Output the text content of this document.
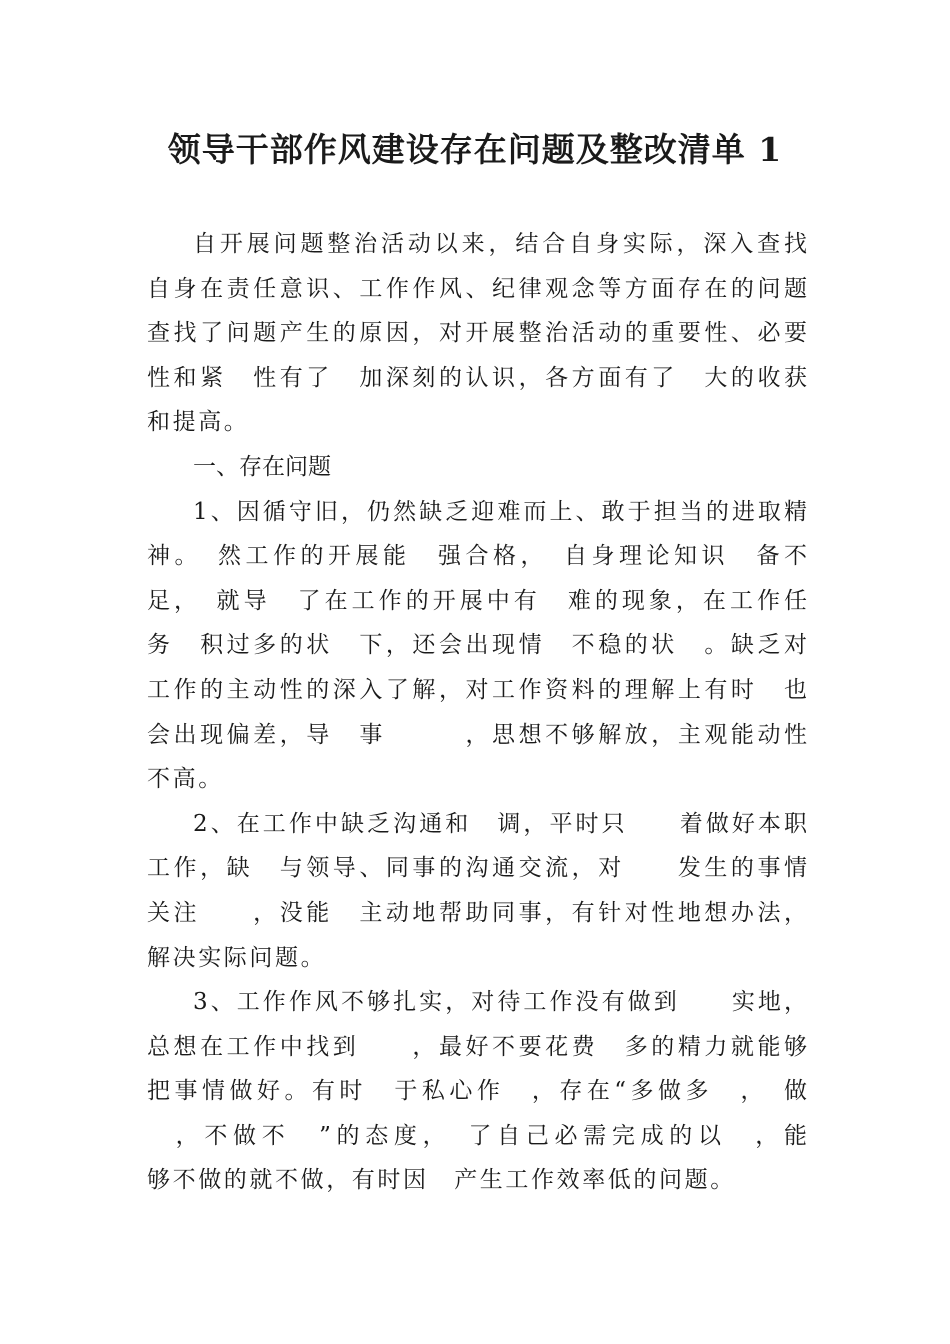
领导干部作风建设存在问题及整改清单 1
自开展问题整治活动以来，结合自身实际，深入查找
自身在责任意识、工作作风、纪律观念等方面存在的问题
查找了问题产生的原因，对开展整治活动的重要性、必要
性和紧　性有了　加深刻的认识，各方面有了　大的收获
和提高。
一、存在问题
1、因循守旧，仍然缺乏迎难而上、敢于担当的进取精
神。　然工作的开展能　强合格，　自身理论知识　备不
足，　就导　了在工作的开展中有　难的现象，在工作任
务　积过多的状　下，还会出现情　不稳的状　。缺乏对
工作的主动性的深入了解，对工作资料的理解上有时　也
会出现偏差，导　事　　　，思想不够解放，主观能动性
不高。
2、在工作中缺乏沟通和　调，平时只　　着做好本职
工作，缺　与领导、同事的沟通交流，对　　发生的事情
关注　　，没能　主动地帮助同事，有针对性地想办法，
解决实际问题。
3、工作作风不够扎实，对待工作没有做到　　实地，
总想在工作中找到　　，最好不要花费　多的精力就能够
把事情做好。有时　于私心作　，存在“多做多　，　做
　，不做不　”的态度，　了自己必需完成的以　，能
够不做的就不做，有时因　产生工作效率低的问题。
